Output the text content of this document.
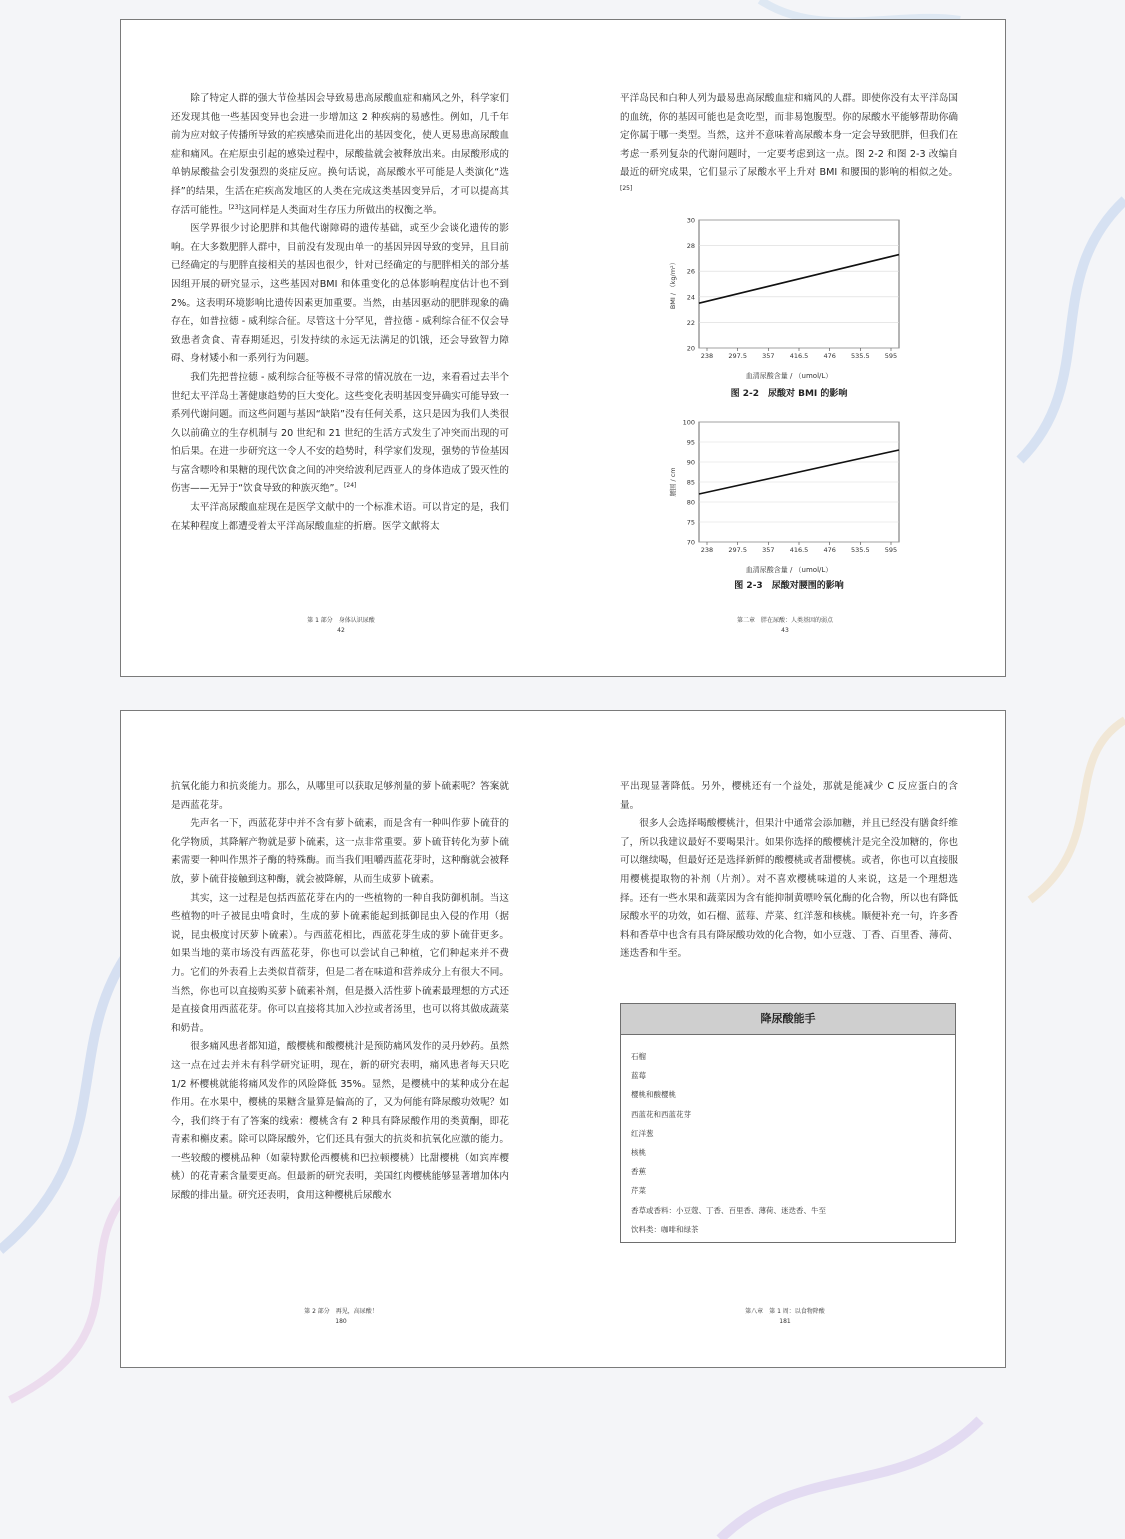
除了特定人群的强大节俭基因会导致易患高尿酸血症和痛风之外，科学家们还发现其他一些基因变异也会进一步增加这 2 种疾病的易感性。例如，几千年前为应对蚊子传播所导致的疟疾感染而进化出的基因变化，使人更易患高尿酸血症和痛风。在疟原虫引起的感染过程中，尿酸盐就会被释放出来。由尿酸形成的单钠尿酸盐会引发强烈的炎症反应。换句话说，高尿酸水平可能是人类演化“选择”的结果，生活在疟疾高发地区的人类在完成这类基因变异后，才可以提高其存活可能性。[23]这同样是人类面对生存压力所做出的权衡之举。

医学界很少讨论肥胖和其他代谢障碍的遗传基础，或至少会谈化遗传的影响。在大多数肥胖人群中，目前没有发现由单一的基因异因导致的变异，且目前已经确定的与肥胖直接相关的基因也很少，针对已经确定的与肥胖相关的部分基因组开展的研究显示，这些基因对BMI 和体重变化的总体影响程度估计也不到 2%。这表明环境影响比遗传因素更加重要。当然，由基因驱动的肥胖现象的确存在，如普拉德 - 威利综合征。尽管这十分罕见，普拉德 - 威利综合征不仅会导致患者贪食、青春期延迟，引发持续的永远无法满足的饥饿，还会导致智力障碍、身材矮小和一系列行为问题。

我们先把普拉德 - 威利综合征等极不寻常的情况放在一边，来看看过去半个世纪太平洋岛土著健康趋势的巨大变化。这些变化表明基因变异确实可能导致一系列代谢问题。而这些问题与基因“缺陷”没有任何关系，这只是因为我们人类很久以前确立的生存机制与 20 世纪和 21 世纪的生活方式发生了冲突而出现的可怕后果。在进一步研究这一令人不安的趋势时，科学家们发现，强势的节俭基因与富含嘌呤和果糖的现代饮食之间的冲突给波利尼西亚人的身体造成了毁灭性的伤害——无异于“饮食导致的种族灭绝”。[24]

太平洋高尿酸血症现在是医学文献中的一个标准术语。可以肯定的是，我们在某种程度上都遭受着太平洋高尿酸血症的折磨。医学文献将太

平洋岛民和白种人列为最易患高尿酸血症和痛风的人群。即使你没有太平洋岛国的血统，你的基因可能也是贪吃型，而非易饱腹型。你的尿酸水平能够帮助你确定你属于哪一类型。当然，这并不意味着高尿酸本身一定会导致肥胖，但我们在考虑一系列复杂的代谢问题时，一定要考虑到这一点。图 2-2 和图 2-3 改编自最近的研究成果，它们显示了尿酸水平上升对 BMI 和腰围的影响的相似之处。[25]

20
22
24
26
28
30
238 297.5 357 416.5 476 535.5 595
BMI / （kg/m²）
血清尿酸含量 / （umol/L）
图 2-2　尿酸对 BMI 的影响
70
75
80
85
90
95
100
238 297.5 357 416.5 476 535.5 595
腰围 / cm
血清尿酸含量 / （umol/L）
图 2-3　尿酸对腰围的影响
第 1 部分　身体认识尿酸
42
第二章　胖在尿酸：人类基因的弱点
43

抗氧化能力和抗炎能力。那么，从哪里可以获取足够剂量的萝卜硫素呢？答案就是西蓝花芽。

先声名一下，西蓝花芽中并不含有萝卜硫素，而是含有一种叫作萝卜硫苷的化学物质，其降解产物就是萝卜硫素，这一点非常重要。萝卜硫苷转化为萝卜硫素需要一种叫作黑芥子酶的特殊酶。而当我们咀嚼西蓝花芽时，这种酶就会被释放，萝卜硫苷接触到这种酶，就会被降解，从而生成萝卜硫素。

其实，这一过程是包括西蓝花芽在内的一些植物的一种自我防御机制。当这些植物的叶子被昆虫啃食时，生成的萝卜硫素能起到抵御昆虫入侵的作用（据说，昆虫极度讨厌萝卜硫素）。与西蓝花相比，西蓝花芽生成的萝卜硫苷更多。如果当地的菜市场没有西蓝花芽，你也可以尝试自己种植，它们种起来并不费力。它们的外表看上去类似苜蓿芽，但是二者在味道和营养成分上有很大不同。当然，你也可以直接购买萝卜硫素补剂，但是摄入活性萝卜硫素最理想的方式还是直接食用西蓝花芽。你可以直接将其加入沙拉或者汤里，也可以将其做成蔬菜和奶昔。

很多痛风患者都知道，酸樱桃和酸樱桃汁是预防痛风发作的灵丹妙药。虽然这一点在过去并未有科学研究证明，现在，新的研究表明，痛风患者每天只吃 1/2 杯樱桃就能将痛风发作的风险降低 35%。显然，是樱桃中的某种成分在起作用。在水果中，樱桃的果糖含量算是偏高的了，又为何能有降尿酸功效呢？如今，我们终于有了答案的线索：樱桃含有 2 种具有降尿酸作用的类黄酮，即花青素和槲皮素。除可以降尿酸外，它们还具有强大的抗炎和抗氧化应激的能力。一些较酸的樱桃品种（如蒙特默伦西樱桃和巴拉顿樱桃）比甜樱桃（如宾库樱桃）的花青素含量要更高。但最新的研究表明，美国红肉樱桃能够显著增加体内尿酸的排出量。研究还表明，食用这种樱桃后尿酸水

平出现显著降低。另外，樱桃还有一个益处，那就是能减少 C 反应蛋白的含量。

很多人会选择喝酸樱桃汁，但果汁中通常会添加糖，并且已经没有膳食纤维了，所以我建议最好不要喝果汁。如果你选择的酸樱桃汁是完全没加糖的，你也可以继续喝，但最好还是选择新鲜的酸樱桃或者甜樱桃。或者，你也可以直接服用樱桃提取物的补剂（片剂）。对不喜欢樱桃味道的人来说，这是一个理想选择。还有一些水果和蔬菜因为含有能抑制黄嘌呤氧化酶的化合物，所以也有降低尿酸水平的功效，如石榴、蓝莓、芹菜、红洋葱和核桃。顺便补充一句，许多香料和香草中也含有具有降尿酸功效的化合物，如小豆蔻、丁香、百里香、薄荷、迷迭香和牛至。

降尿酸能手
石榴
蓝莓
樱桃和酸樱桃
西蓝花和西蓝花芽
红洋葱
核桃
香蕉
芹菜
香草或香料：小豆蔻、丁香、百里香、薄荷、迷迭香、牛至
饮料类：咖啡和绿茶
第 2 部分　再见，高尿酸！
180
第八章　第 1 周：以食物降酸
181
